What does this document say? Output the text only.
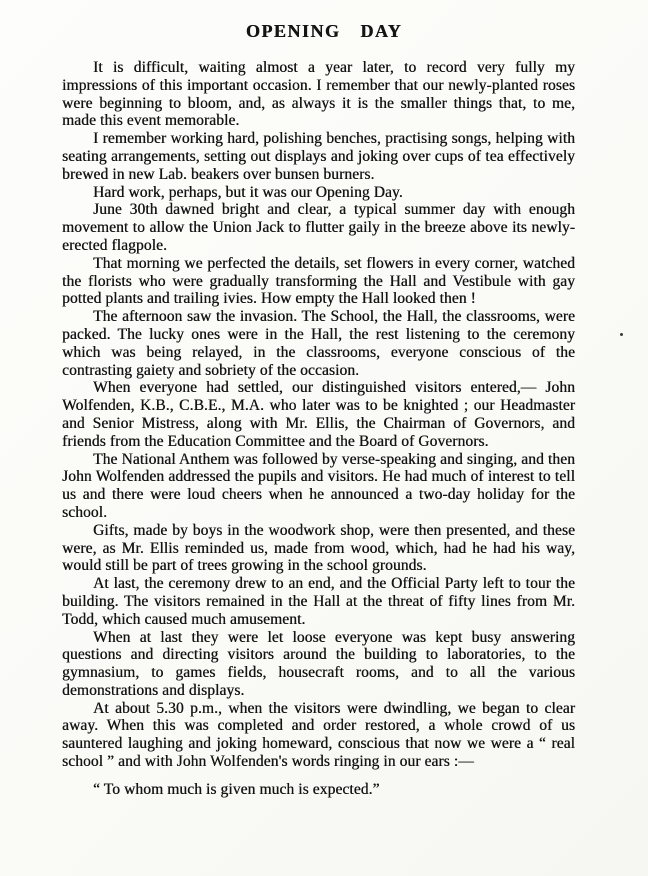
OPENING DAY

It is difficult, waiting almost a year later, to record very fully my impressions of this important occasion. I remember that our newly-planted roses were beginning to bloom, and, as always it is the smaller things that, to me, made this event memorable.

I remember working hard, polishing benches, practising songs, helping with seating arrangements, setting out displays and joking over cups of tea effectively brewed in new Lab. beakers over bunsen burners.

Hard work, perhaps, but it was our Opening Day.

June 30th dawned bright and clear, a typical summer day with enough movement to allow the Union Jack to flutter gaily in the breeze above its newly-erected flagpole.

That morning we perfected the details, set flowers in every corner, watched the florists who were gradually transforming the Hall and Vestibule with gay potted plants and trailing ivies. How empty the Hall looked then !

The afternoon saw the invasion. The School, the Hall, the classrooms, were packed. The lucky ones were in the Hall, the rest listening to the ceremony which was being relayed, in the classrooms, everyone conscious of the contrasting gaiety and sobriety of the occasion.

When everyone had settled, our distinguished visitors entered,— John Wolfenden, K.B., C.B.E., M.A. who later was to be knighted ; our Headmaster and Senior Mistress, along with Mr. Ellis, the Chairman of Governors, and friends from the Education Committee and the Board of Governors.

The National Anthem was followed by verse-speaking and singing, and then John Wolfenden addressed the pupils and visitors. He had much of interest to tell us and there were loud cheers when he announced a two-day holiday for the school.

Gifts, made by boys in the woodwork shop, were then presented, and these were, as Mr. Ellis reminded us, made from wood, which, had he had his way, would still be part of trees growing in the school grounds.

At last, the ceremony drew to an end, and the Official Party left to tour the building. The visitors remained in the Hall at the threat of fifty lines from Mr. Todd, which caused much amusement.

When at last they were let loose everyone was kept busy answering questions and directing visitors around the building to laboratories, to the gymnasium, to games fields, housecraft rooms, and to all the various demonstrations and displays.

At about 5.30 p.m., when the visitors were dwindling, we began to clear away. When this was completed and order restored, a whole crowd of us sauntered laughing and joking homeward, conscious that now we were a “ real school ” and with John Wolfenden's words ringing in our ears :—

“ To whom much is given much is expected.”
